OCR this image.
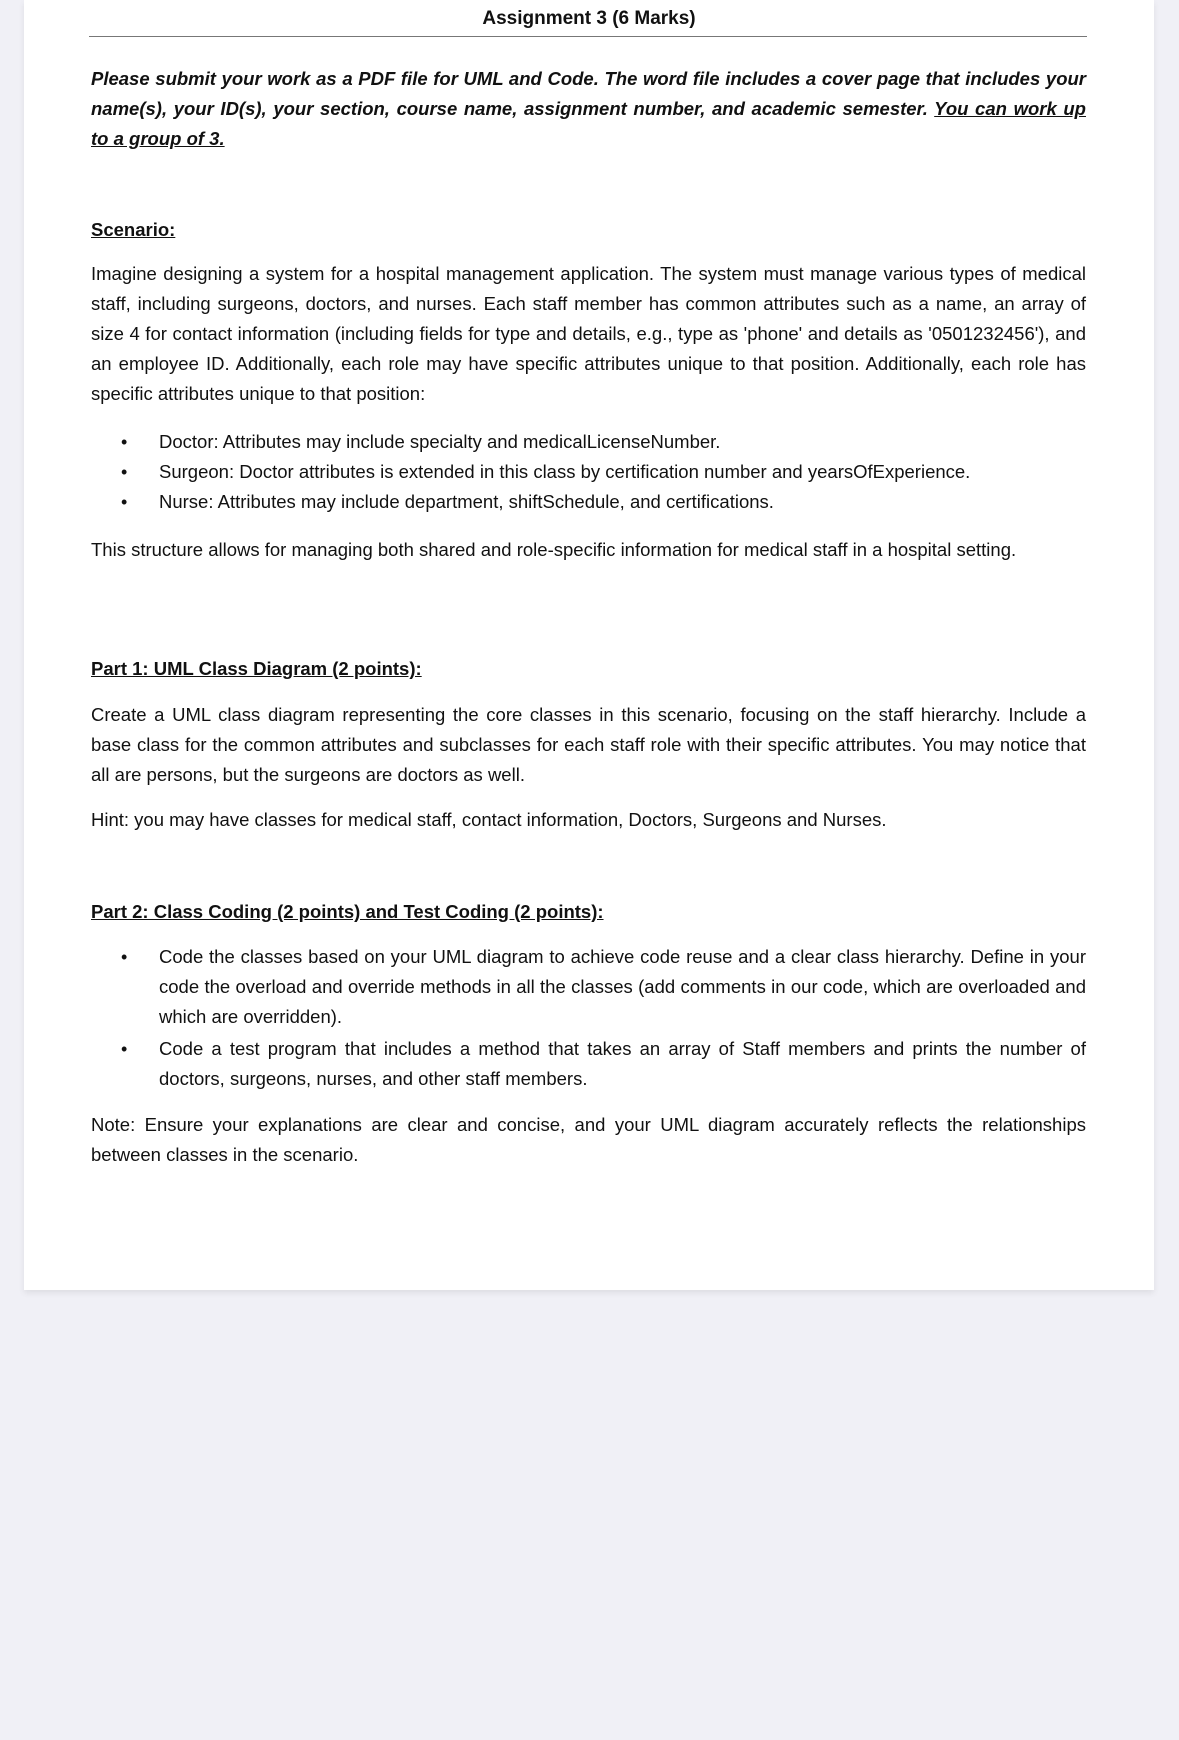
Assignment 3 (6 Marks)
Please submit your work as a PDF file for UML and Code. The word file includes a cover page that includes your name(s), your ID(s), your section, course name, assignment number, and academic semester. You can work up to a group of 3.
Scenario:
Imagine designing a system for a hospital management application. The system must manage various types of medical staff, including surgeons, doctors, and nurses. Each staff member has common attributes such as a name, an array of size 4 for contact information (including fields for type and details, e.g., type as 'phone' and details as '0501232456'), and an employee ID. Additionally, each role may have specific attributes unique to that position. Additionally, each role has specific attributes unique to that position:
• Doctor: Attributes may include specialty and medicalLicenseNumber.
• Surgeon: Doctor attributes is extended in this class by certification number and yearsOfExperience.
• Nurse: Attributes may include department, shiftSchedule, and certifications.
This structure allows for managing both shared and role-specific information for medical staff in a hospital setting.
Part 1: UML Class Diagram (2 points):
Create a UML class diagram representing the core classes in this scenario, focusing on the staff hierarchy. Include a base class for the common attributes and subclasses for each staff role with their specific attributes. You may notice that all are persons, but the surgeons are doctors as well.
Hint: you may have classes for medical staff, contact information, Doctors, Surgeons and Nurses.
Part 2: Class Coding (2 points) and Test Coding (2 points):
• Code the classes based on your UML diagram to achieve code reuse and a clear class hierarchy. Define in your code the overload and override methods in all the classes (add comments in our code, which are overloaded and which are overridden).
• Code a test program that includes a method that takes an array of Staff members and prints the number of doctors, surgeons, nurses, and other staff members.
Note: Ensure your explanations are clear and concise, and your UML diagram accurately reflects the relationships between classes in the scenario.
